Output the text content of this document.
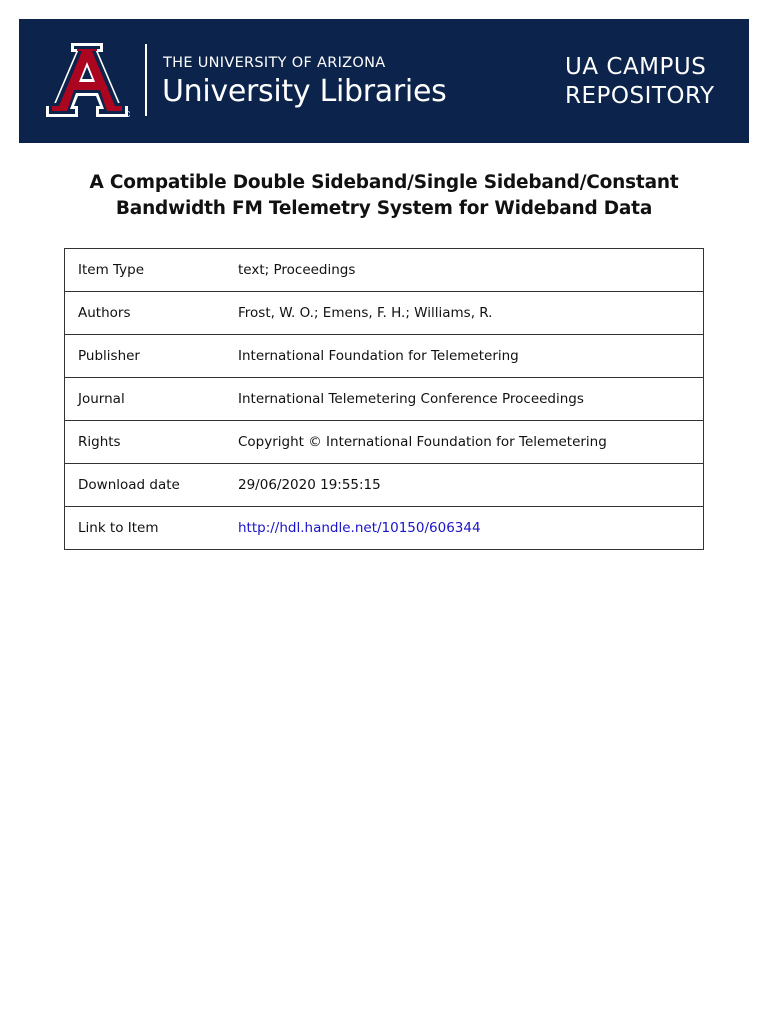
THE UNIVERSITY OF ARIZONA
University Libraries
UA CAMPUS
REPOSITORY
A Compatible Double Sideband/Single Sideband/Constant
Bandwidth FM Telemetry System for Wideband Data
Item Type	text; Proceedings
Authors	Frost, W. O.; Emens, F. H.; Williams, R.
Publisher	International Foundation for Telemetering
Journal	International Telemetering Conference Proceedings
Rights	Copyright © International Foundation for Telemetering
Download date	29/06/2020 19:55:15
Link to Item	http://hdl.handle.net/10150/606344
